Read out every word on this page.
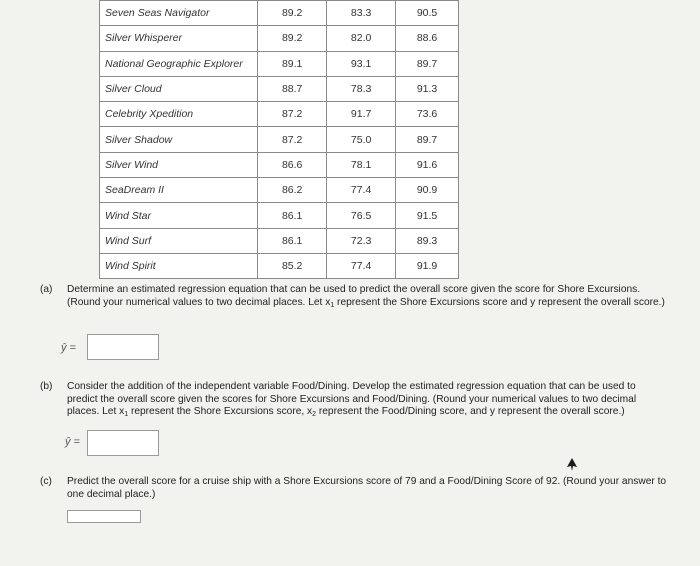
Seven Seas Navigator	89.2	83.3	90.5
Silver Whisperer	89.2	82.0	88.6
National Geographic Explorer	89.1	93.1	89.7
Silver Cloud	88.7	78.3	91.3
Celebrity Xpedition	87.2	91.7	73.6
Silver Shadow	87.2	75.0	89.7
Silver Wind	86.6	78.1	91.6
SeaDream II	86.2	77.4	90.9
Wind Star	86.1	76.5	91.5
Wind Surf	86.1	72.3	89.3
Wind Spirit	85.2	77.4	91.9
(a) Determine an estimated regression equation that can be used to predict the overall score given the score for Shore Excursions. (Round your numerical values to two decimal places. Let $x_1$ represent the Shore Excursions score and y represent the overall score.)
ŷ =
(b) Consider the addition of the independent variable Food/Dining. Develop the estimated regression equation that can be used to predict the overall score given the scores for Shore Excursions and Food/Dining. (Round your numerical values to two decimal places. Let $x_1$ represent the Shore Excursions score, $x_2$ represent the Food/Dining score, and y represent the overall score.)
ŷ =
(c) Predict the overall score for a cruise ship with a Shore Excursions score of 79 and a Food/Dining Score of 92. (Round your answer to one decimal place.)
